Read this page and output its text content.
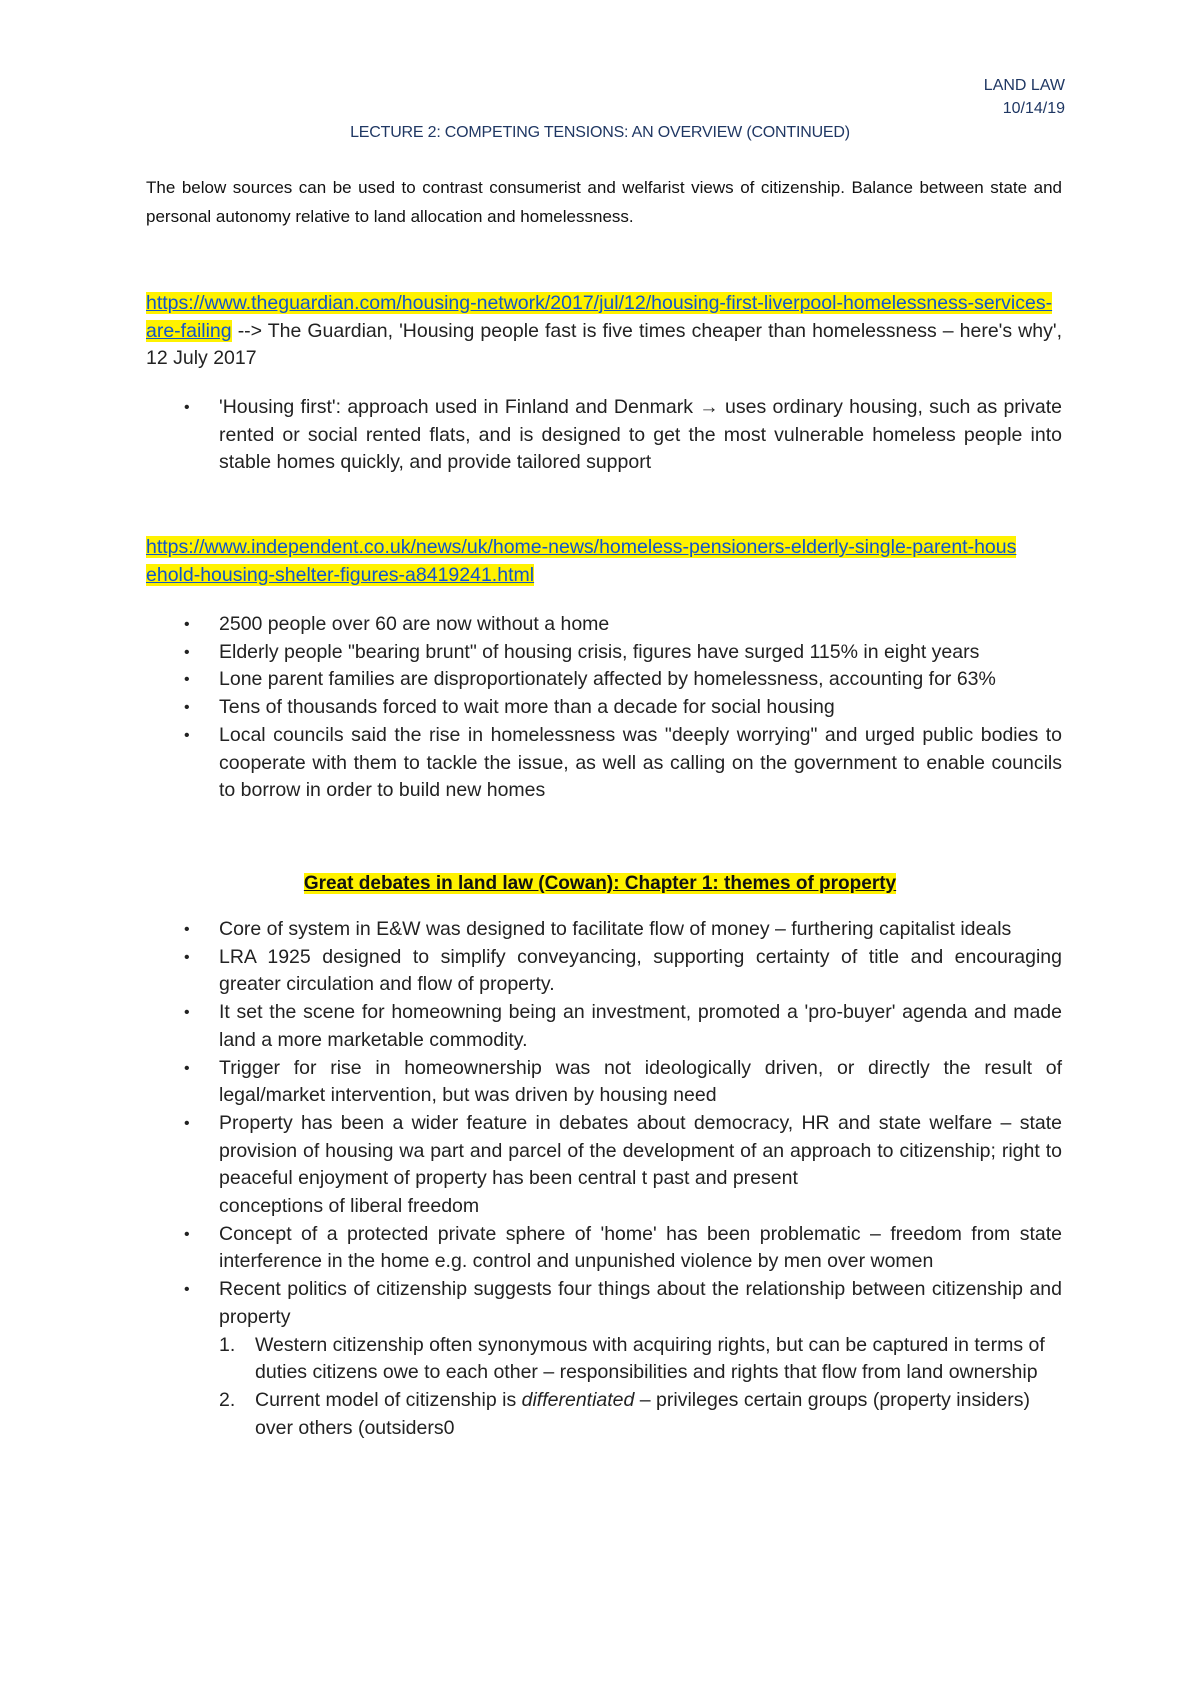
LAND LAW
10/14/19
LECTURE 2: COMPETING TENSIONS: AN OVERVIEW (CONTINUED)
The below sources can be used to contrast consumerist and welfarist views of citizenship. Balance between state and personal autonomy relative to land allocation and homelessness.
https://www.theguardian.com/housing-network/2017/jul/12/housing-first-liverpool-homelessness-services-are-failing --> The Guardian, 'Housing people fast is five times cheaper than homelessness – here's why', 12 July 2017
• 'Housing first': approach used in Finland and Denmark → uses ordinary housing, such as private rented or social rented flats, and is designed to get the most vulnerable homeless people into stable homes quickly, and provide tailored support
https://www.independent.co.uk/news/uk/home-news/homeless-pensioners-elderly-single-parent-household-housing-shelter-figures-a8419241.html
• 2500 people over 60 are now without a home
• Elderly people "bearing brunt" of housing crisis, figures have surged 115% in eight years
• Lone parent families are disproportionately affected by homelessness, accounting for 63%
• Tens of thousands forced to wait more than a decade for social housing
• Local councils said the rise in homelessness was "deeply worrying" and urged public bodies to cooperate with them to tackle the issue, as well as calling on the government to enable councils to borrow in order to build new homes
Great debates in land law (Cowan): Chapter 1: themes of property
• Core of system in E&W was designed to facilitate flow of money – furthering capitalist ideals
• LRA 1925 designed to simplify conveyancing, supporting certainty of title and encouraging greater circulation and flow of property.
• It set the scene for homeowning being an investment, promoted a 'pro-buyer' agenda and made land a more marketable commodity.
• Trigger for rise in homeownership was not ideologically driven, or directly the result of legal/market intervention, but was driven by housing need
• Property has been a wider feature in debates about democracy, HR and state welfare – state provision of housing wa part and parcel of the development of an approach to citizenship; right to peaceful enjoyment of property has been central t past and present
conceptions of liberal freedom
• Concept of a protected private sphere of 'home' has been problematic – freedom from state interference in the home e.g. control and unpunished violence by men over women
• Recent politics of citizenship suggests four things about the relationship between citizenship and property
1. Western citizenship often synonymous with acquiring rights, but can be captured in terms of duties citizens owe to each other – responsibilities and rights that flow from land ownership
2. Current model of citizenship is differentiated – privileges certain groups (property insiders) over others (outsiders0
